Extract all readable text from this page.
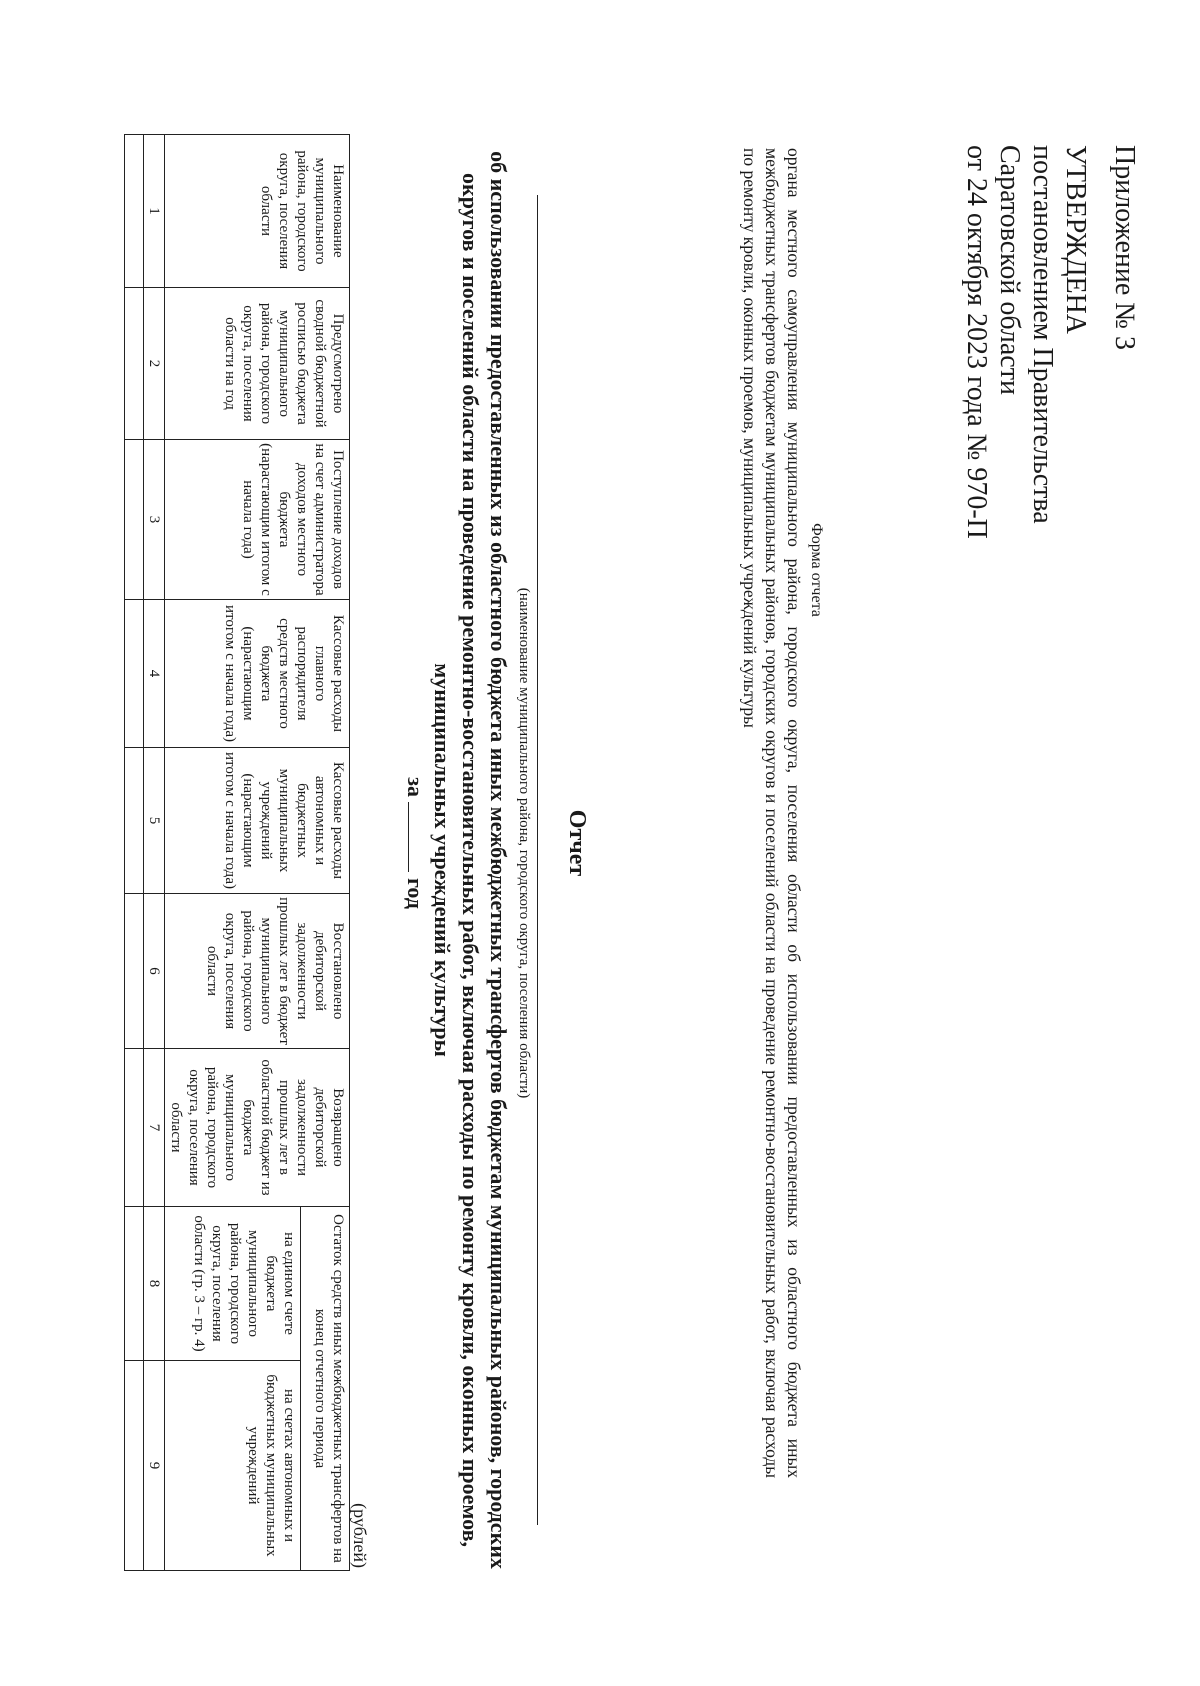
Приложение № 3
УТВЕРЖДЕНА
постановлением Правительства
Саратовской области
от 24 октября 2023 года № 970-П
Форма отчета
органа местного самоуправления муниципального района, городского округа, поселения области об использовании предоставленных из областного бюджета иных межбюджетных трансфертов бюджетам муниципальных районов, городских округов и поселений области на проведение ремонтно-восстановительных работ, включая расходы по ремонту кровли, оконных проемов, муниципальных учреждений культуры
Отчет
(наименование муниципального района, городского округа, поселения области)
об использовании предоставленных из областного бюджета иных межбюджетных трансфертов бюджетам муниципальных районов, городских округов и поселений области на проведение ремонтно-восстановительных работ, включая расходы по ремонту кровли, оконных проемов, муниципальных учреждений культуры
за  год
(рублей)
Наименование муниципального района, городского округа, поселения области	Предусмотрено сводной бюджетной росписью бюджета муниципального района, городского округа, поселения области на год	Поступление доходов на счет администратора доходов местного бюджета (нарастающим итогом с начала года)	Кассовые расходы главного распорядителя средств местного бюджета (нарастающим итогом с начала года)	Кассовые расходы автономных и бюджетных муниципальных учреждений (нарастающим итогом с начала года)	Восстановлено дебиторской задолженности прошлых лет в бюджет муниципального района, городского округа, поселения области	Возвращено дебиторской задолженности прошлых лет в областной бюджет из бюджета муниципального района, городского округа, поселения области	Остаток средств иных межбюджетных трансфертов на конец отчетного периода	
							на едином счете бюджета муниципального района, городского округа, поселения области (гр. 3 – гр. 4)	на счетах автономных и бюджетных муниципальных учреждений
1	2	3	4	5	6	7	8	9
